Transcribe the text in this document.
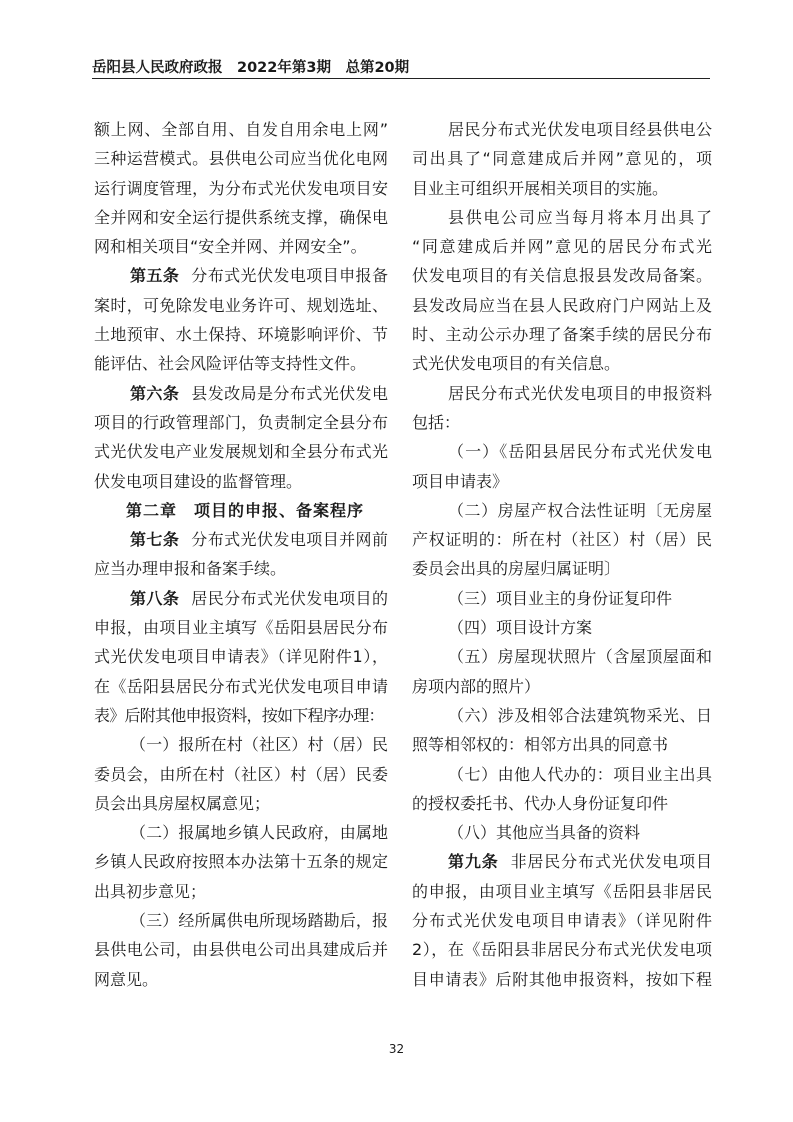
岳阳县人民政府政报　2022年第3期　总第20期
额上网、全部自用、自发自用余电上网”
三种运营模式。县供电公司应当优化电网
运行调度管理，为分布式光伏发电项目安
全并网和安全运行提供系统支撑，确保电
网和相关项目“安全并网、并网安全”。
第五条 分布式光伏发电项目申报备
案时，可免除发电业务许可、规划选址、
土地预审、水土保持、环境影响评价、节
能评估、社会风险评估等支持性文件。
第六条 县发改局是分布式光伏发电
项目的行政管理部门，负责制定全县分布
式光伏发电产业发展规划和全县分布式光
伏发电项目建设的监督管理。
第二章　项目的申报、备案程序
第七条 分布式光伏发电项目并网前
应当办理申报和备案手续。
第八条 居民分布式光伏发电项目的
申报，由项目业主填写《岳阳县居民分布
式光伏发电项目申请表》（详见附件1），
在《岳阳县居民分布式光伏发电项目申请
表》后附其他申报资料，按如下程序办理：
（一）报所在村（社区）村（居）民
委员会，由所在村（社区）村（居）民委
员会出具房屋权属意见；
（二）报属地乡镇人民政府，由属地
乡镇人民政府按照本办法第十五条的规定
出具初步意见；
（三）经所属供电所现场踏勘后，报
县供电公司，由县供电公司出具建成后并
网意见。
居民分布式光伏发电项目经县供电公
司出具了“同意建成后并网”意见的，项
目业主可组织开展相关项目的实施。
县供电公司应当每月将本月出具了
“同意建成后并网”意见的居民分布式光
伏发电项目的有关信息报县发改局备案。
县发改局应当在县人民政府门户网站上及
时、主动公示办理了备案手续的居民分布
式光伏发电项目的有关信息。
居民分布式光伏发电项目的申报资料
包括：
（一）《岳阳县居民分布式光伏发电
项目申请表》
（二）房屋产权合法性证明〔无房屋
产权证明的：所在村（社区）村（居）民
委员会出具的房屋归属证明〕
（三）项目业主的身份证复印件
（四）项目设计方案
（五）房屋现状照片（含屋顶屋面和
房项内部的照片）
（六）涉及相邻合法建筑物采光、日
照等相邻权的：相邻方出具的同意书
（七）由他人代办的：项目业主出具
的授权委托书、代办人身份证复印件
（八）其他应当具备的资料
第九条 非居民分布式光伏发电项目
的申报，由项目业主填写《岳阳县非居民
分布式光伏发电项目申请表》（详见附件
2），在《岳阳县非居民分布式光伏发电项
目申请表》后附其他申报资料，按如下程
32
